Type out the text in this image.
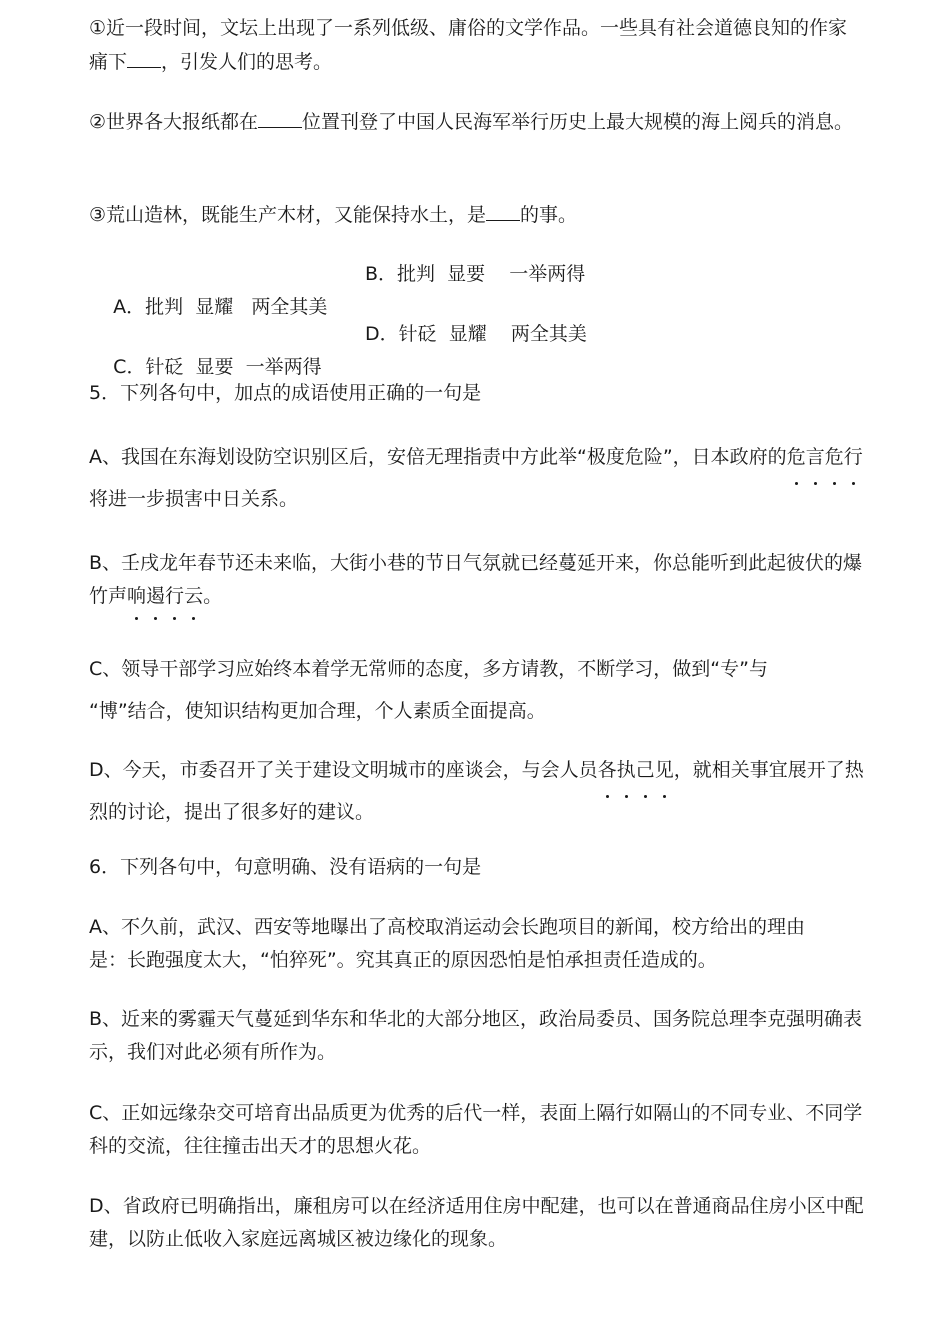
①近一段时间，文坛上出现了一系列低级、庸俗的文学作品。一些具有社会道德良知的作家痛下 ，引发人们的思考。

②世界各大报纸都在 位置刊登了中国人民海军举行历史上最大规模的海上阅兵的消息。

③荒山造林，既能生产木材，又能保持水土，是 的事。

A．批判  显耀   两全其美

B．批判  显要    一举两得

C．针砭  显要  一举两得

D．针砭  显耀    两全其美

5．下列各句中，加点的成语使用正确的一句是

A、我国在东海划设防空识别区后，安倍无理指责中方此举“极度危险”，日本政府的危言危行将进一步损害中日关系。

B、壬戌龙年春节还未来临，大街小巷的节日气氛就已经蔓延开来，你总能听到此起彼伏的爆竹声响遏行云。

C、领导干部学习应始终本着学无常师的态度，多方请教，不断学习，做到“专”与
“博”结合，使知识结构更加合理，个人素质全面提高。

D、今天，市委召开了关于建设文明城市的座谈会，与会人员各执己见，就相关事宜展开了热烈的讨论，提出了很多好的建议。

6．下列各句中，句意明确、没有语病的一句是

A、不久前，武汉、西安等地曝出了高校取消运动会长跑项目的新闻，校方给出的理由
是：长跑强度太大，“怕猝死”。究其真正的原因恐怕是怕承担责任造成的。

B、近来的雾霾天气蔓延到华东和华北的大部分地区，政治局委员、国务院总理李克强明确表示，我们对此必须有所作为。

C、正如远缘杂交可培育出品质更为优秀的后代一样，表面上隔行如隔山的不同专业、不同学科的交流，往往撞击出天才的思想火花。

D、省政府已明确指出，廉租房可以在经济适用住房中配建，也可以在普通商品住房小区中配建，以防止低收入家庭远离城区被边缘化的现象。
